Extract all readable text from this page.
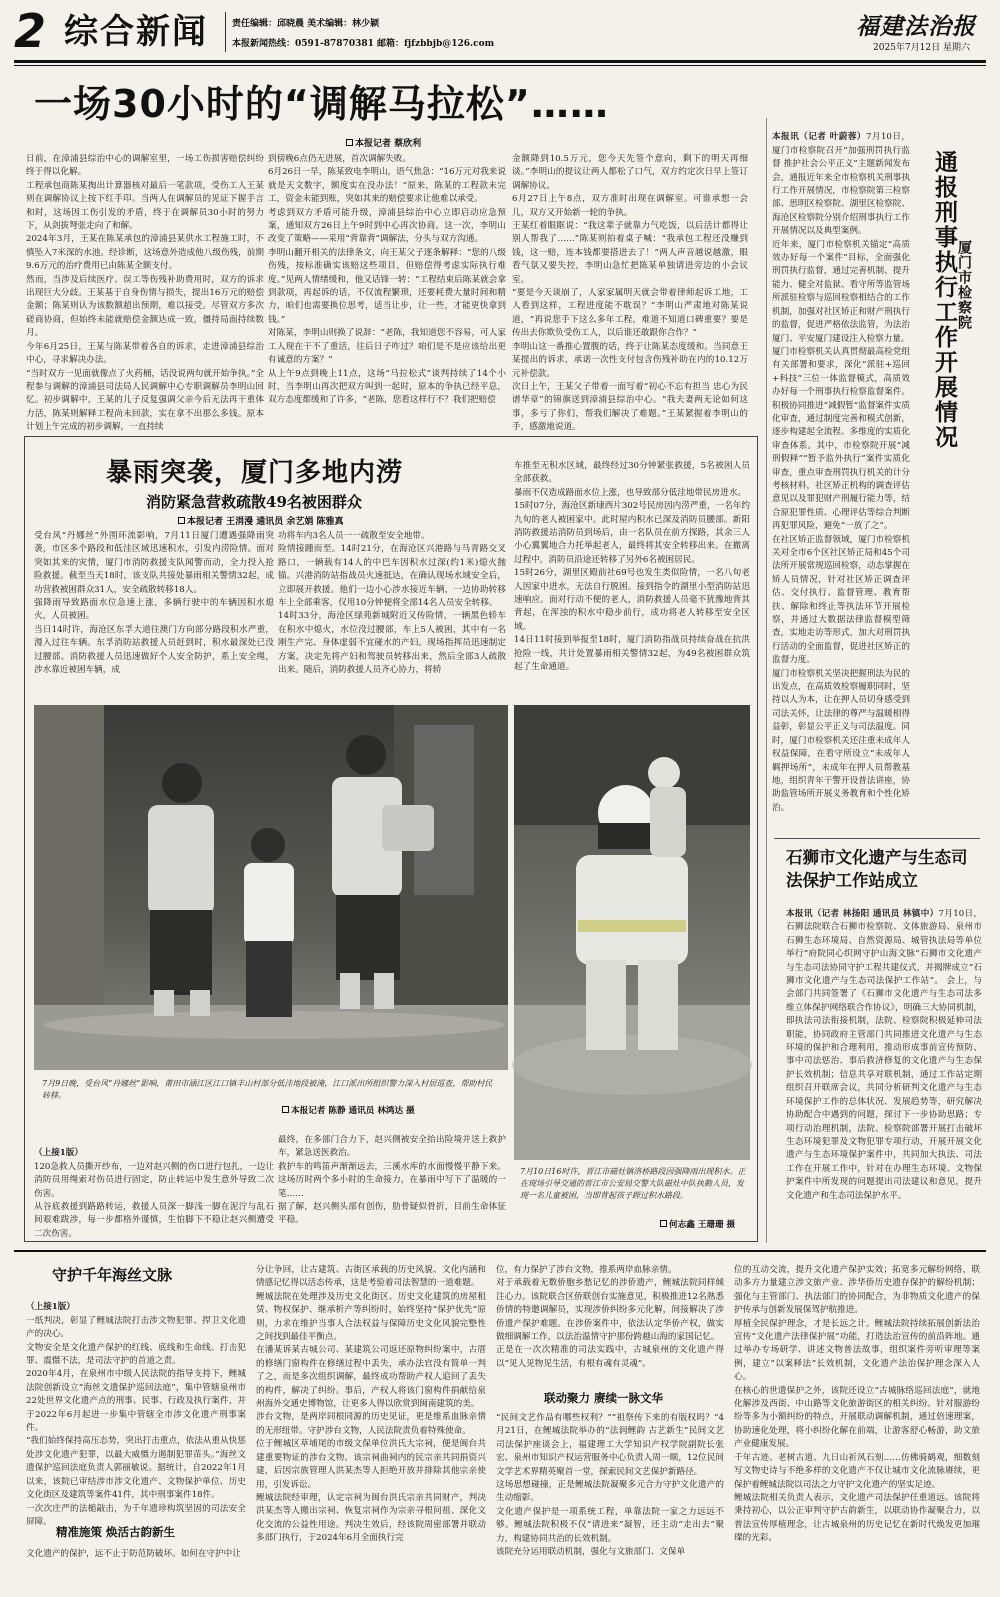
2 综合新闻	责任编辑：邱晓晨 美术编辑：林少颖
本报新闻热线：0591-87870381 邮箱：fjfzbbjb@126.com
福建法治报
2025年7月12日 星期六
一场30小时的“调解马拉松”……
本报记者 蔡欣利
日前，在漳浦县综治中心的调解室里，一场工伤损害赔偿纠纷终于得以化解。
工程承包商陈某掏出计算器核对最后一笔款项，受伤工人王某则在调解协议上按下红手印。当两人在调解员的见证下握手言和时，这场因工伤引发的矛盾，终于在调解员30小时的努力下，从剑拔弩张走向了和解。
2024年3月，王某在陈某承包的漳浦县某供水工程施工时，不慎坠入7米深的水池。经诊断，这场意外造成他八级伤残，前期9.6万元的治疗费用已由陈某全额支付。
然而，当涉及后续医疗、误工等伤残补助费用时，双方的诉求出现巨大分歧。王某基于自身伤情与损失，提出16万元的赔偿金额；陈某则认为该数额超出预期，难以接受。尽管双方多次磋商协商，但始终未能就赔偿金额达成一致，僵持局面持续数月。
今年6月25日，王某与陈某带着各自的诉求，走进漳浦县综治中心，寻求解决办法。
“当时双方一见面就像点了火药桶，话没说两句就开始争执。”全程参与调解的漳浦县司法局人民调解中心专职调解员李明山回忆。初步调解中，王某的儿子反复强调父亲今后无法再干重体力活，陈某则解释工程尚未回款，实在拿不出那么多钱。原本计划上午完成的初步调解，一直持续
到傍晚6点仍无进展，首次调解失败。
6月26日一早，陈某致电李明山，语气焦急：“16万元对我来说就是天文数字，额度实在没办法！”原来，陈某的工程款未完工，资金未能到账，突如其来的赔偿要求让他难以承受。
考虑到双方矛盾可能升级，漳浦县综治中心立即启动应急预案，通知双方26日上午9时到中心再次协商。这一次，李明山改变了策略——采用“背靠背”调解法，分头与双方沟通。
李明山翻开相关的法律条文，向王某父子逐条解释：“您的八级伤残，按标准确实该赔这些项目，但赔偿得考虑实际执行难度。”见两人情绪缓和，他又话锋一转：“工程结束后陈某就会拿到款项，再起诉的话，不仅流程繁琐，还要耗费大量时间和精力，咱们也需要换位思考，适当让步，让一些，才能更快拿到钱。”
对陈某，李明山则换了说辞：“老陈，我知道您不容易，可人家工人现在干不了重活，往后日子咋过？咱们是不是应该给出更有诚意的方案？”
从上午9点到晚上11点，这场“马拉松式”谈判持续了14个小时，当李明山再次把双方叫到一起时，原本的争执已经平息，双方态度都缓和了许多，“老陈，您看这样行不？我们把赔偿
金额降到10.5万元，您今天先签个意向，剩下的明天再细谈。”李明山的提议让两人都松了口气，双方约定次日早上签订调解协议。
6月27日上午8点，双方准时出现在调解室。可谁承想一会儿，双方又开始新一轮的争执。
王某红着眼眶说：“我这辈子就靠力气吃饭，以后活计都得让别人帮我了……”陈某则拍着桌子喊：“我承包工程还没赚到钱，这一赔，连本钱都要搭进去了！”两人声音越说越激，眼看气氛又要失控，李明山急忙把陈某单独请进旁边的小会议室。
“要是今天谈崩了，人家家属明天就会带着律师起诉工地，工人看到这样，工程进度能不耽误？”李明山严肃地对陈某说道，“再说您手下这么多年工程，难道不知道口碑重要？要是传出去你欺负受伤工人，以后谁还敢跟你合作？”
李明山这一番推心置腹的话，终于让陈某态度缓和。当同意王某提出的诉求，承诺一次性支付包含伤残补助在内的10.12万元补偿款。
次日上午，王某父子带着一面写着“初心不忘有担当 忠心为民谱华章”的锦旗送到漳浦县综治中心。“我夫妻两无论如何这事，多亏了你们，帮我们解决了难题。”王某紧握着李明山的手，感激地说道。

本报讯（记者 叶蔚蓉）7月10日，厦门市检察院召开“加强刑罚执行监督 推护社会公平正义”主题新闻发布会，通报近年来全市检察机关刑事执行工作开展情况，市检察院第三检察部、思明区检察院、湖里区检察院、海沧区检察院分别介绍刑事执行工作开展情况以及典型案例。
近年来，厦门市检察机关锚定“高质效办好每一个案件”目标，全面强化刑罚执行监督，通过完善机制、提升能力、健全对监狱、看守所等监管场所派驻检察与巡回检察相结合的工作机制，加强对社区矫正和财产刑执行的监督，促进严格依法监管，为法治厦门、平安厦门建设注入检察力量。
厦门市检察机关认真贯彻最高检党组有关部署和要求，深化“派驻+巡回+科技”三位一体监督模式，高质效办好每一个刑事执行检察监督案件。积极协同推进“减假暂”监督案件实质化审查，通过制度完善和模式创新，逐步构建起全流程、多维度的实质化审查体系。其中，市检察院开展“减刑假释”“暂予监外执行”案件实质化审查，重点审查刑罚执行机关的计分考核材料，社区矫正机构的调查评估意见以及罪犯财产刑履行能力等，结合原犯罪性质、心理评估等综合判断再犯罪风险，避免“一放了之”。
在社区矫正监督领域，厦门市检察机关对全市6个区社区矫正局和45个司法所开展常规巡回检察，动态掌握在矫人员情况，针对社区矫正调查评估、交付执行、监督管理、教育帮扶、解除和终止等执法环节开展检察，并通过大数据法律监督模型筛查，实地走访等形式，加大对刑罚执行活动的全面监督，促进社区矫正的监督力度。
厦门市检察机关坚决把握刑法为民的出发点，在高质效检察履职同时，坚持以人为本，让在押人员切身感受到司法关怀，让法律的尊严与温暖相得益彰，彰显公平正义与司法温度。同时，厦门市检察机关还注重未成年人权益保障，在看守所设立“未成年人羁押场所”，未成年在押人员帮教基地，组织青年干警开设普法讲座，协助监管场所开展义务教育和个性化矫治。

通报刑事执行工作开展情况
厦门市检察院
暴雨突袭，厦门多地内涝
消防紧急营救疏散49名被困群众
本报记者 王涓漫 通讯员 余艺娟 陈雅真
受台风“丹娜丝”外围环流影响，7月11日厦门遭遇强降雨突袭，市区多个路段和低洼区域迅速积水，引发内涝险情。面对突如其来的灾情，厦门市消防救援支队闻警而动，全力投入抢险救援。截至当天18时，该支队共接处暴雨相关警情32起，成功营救被困群众31人，安全疏散转移18人。
强降雨导致路面水位急速上涨，多辆行驶中的车辆因积水熄火，人员被困。
当日14时许，海沧区东孚大道往澳门方向部分路段积水严重，漫入过往车辆。东孚消防站救援人员赶到时，积水最深处已没过腰部。消防救援人员迅速做好个人安全防护，系上安全绳，涉水靠近被困车辆，成
功将车内3名人员一一疏散至安全地带。
险情接踵而至。14时21分，在海沧区兴港路与马青路交叉路口，一辆载有14人的中巴车因积水过深(约1米)熄火抛锚。兴港消防站指战员火速抵达，在确认现场水域安全后，立即展开救援。他们一边小心涉水接近车辆，一边协助转移车上全部乘客，仅用10分钟便将全部14名人员安全转移。
14时33分，海沧区绿苑新城附近又传险情，一辆黑色轿车在积水中熄火，水位没过腰部，车上5人被困，其中有一名刚生产完、身体虚弱不宜碰水的产妇。现场指挥员迅速制定方案，决定先将产妇和驾驶员转移出来，然后全部3人疏散出来。随后，消防救援人员齐心协力，将轿
车推至无积水区域，最终经过30分钟紧张救援，5名被困人员全部获救。
暴雨不仅造成路面水位上涨，也导致部分低洼地带民房进水。
15时07分，海沧区新埭西片302号民房因内涝严重，一名年约九旬的老人被困家中。此时屋内积水已深及消防员腰部。新阳消防救援站消防员到场后，由一名队员在前方探路，其余三人小心翼翼地合力托举起老人，最终将其安全转移出来。在撤离过程中，消防员沿途还转移了另外6名被困居民。
15时26分，湖里区殿前社69号也发生类似险情，一名八旬老人因家中进水，无法自行脱困。接到指令的湖里小型消防站迅速响应。面对行动不便的老人，消防救援人员毫不犹豫地背其背起，在浑浊的积水中稳步前行，成功将老人转移至安全区域。
14日11时接到举报至18时，厦门消防指战员持续奋战在抗洪抢险一线，共计处置暴雨相关警情32起，为49名被困群众筑起了生命通道。
7月9日晚，受台风“丹娜丝”影响，莆田市涵江区江口镇丰山村部分低洼地段被淹，江口派出所组织警力深入村居巡查，帮助村民转移。
本报记者 陈静 通讯员 林鸿达 摄
7月10日16时许，晋江市磁灶镇洛桥路段因强降雨出现积水。正在现场引导交通的晋江市公安局交警大队磁灶中队执勤人员，发现一名儿童被困，当即背起孩子蹚过积水路段。
何志鑫 王珊珊 摄

（上接1版）
120急救人员撕开纱布，一边对赵兴侧的伤口进行包扎，一边让消防员用绳索对伤员进行固定，防止转运中发生意外导致二次伤害。
从谷底救援到路路转运，救援人员深一脚浅一脚在泥泞与乱石间艰难跋涉，每一步都格外谨慎，生怕脚下不稳让赵兴侧遭受二次伤害。

最终，在多部门合力下，赵兴侧被安全抬出险境并送上救护车，紧急送医救治。
救护车的鸣笛声渐渐远去，三溪水库的水面慢慢平静下来。这场历时两个多小时的生命接力，在暴雨中写下了温暖的一笔……
据了解，赵兴侧头部有创伤，肋骨疑似骨折，目前生命体征平稳。
石狮市文化遗产与生态司法保护工作站成立
本报讯（记者 林扬阳 通讯员 林镇中）7月10日，石狮法院联合石狮市检察院、文体旅游局、泉州市石狮生态环境局、自然资源局、城管执法局等单位举行“府院同心织网守护山海文脉”石狮市文化遗产与生态司法协同守护工程共建仪式，并揭牌成立“石狮市文化遗产与生态司法保护工作站”。 会上，与会部门共同签署了《石狮市文化遗产与生态司法多维立体保护网络联合作协议》，明确三大协同机制，即执法司法衔接机制，法院、检察院积极延伸司法职能，协同政府主管部门共同推进文化遗产与生态环境的保护和合理利用，推动形成事前宣传预防、事中司法惩治、事后救济修复的文化遗产与生态保护长效机制；信息共享对联机制，通过工作站定期组织召开联席会议，共同分析研判文化遗产与生态环境保护工作的总体状况、发展趋势等，研究解决协助配合中遇到的问题，探讨下一步协助思路；专项行动治理机制，法院、检察院部署开展打击破坏生态环境犯罪及文物犯罪专项行动，开展开展文化遗产与生态环境保护案件中，共同加大执法、司法工作在开展工作中，针对在办理生态环境、文物保护案件中所发现的问题提出司法建议和意见，提升文化遗产和生态司法保护水平。
守护千年海丝文脉

（上接1版）
一纸判决，彰显了鲤城法院打击涉文物犯罪、捍卫文化遗产的决心。
文物安全是文化遗产保护的红线、底线和生命线。打击犯罪、震慑不法，是司法守护的首道之责。
2020年4月，在泉州市中级人民法院的指导支持下，鲤城法院创新设立“海丝文遗保护巡回法庭”，集中管辖泉州市22处世界文化遗产点的刑事、民事、行政及执行案件，并于2022年6月起进一步集中管辖全市涉文化遗产刑事案件。
“我们始终保持高压态势，突出打击重点，依法从重从快惩处涉文化遗产犯罪，以最大威慑力遏制犯罪苗头。”海丝文遗保护巡回法庭负责人郭丽敏说。据统计，自2022年1月以来，该院已审结涉市涉文化遗产、文物保护单位、历史文化街区及建筑等案件41件，其中刑事案件18件。
一次次庄严的法槌敲击，为千年遗珍构筑坚固的司法安全屏障。

精准施策 焕活古韵新生
文化遗产的保护，远不止于防范防破坏。如何在守护中让
分让争回，让古建筑、古街区承载的历史风貌、文化内涵和情感记忆得以活态传承，这是考验着司法智慧的一道难题。
鲤城法院在处理涉及历史文化街区、历史文化建筑的房屋租赁、物权保护、继承析产等纠纷时，始终坚持“保护优先”原则，力求在维护当事人合法权益与保障历史文化风貌完整性之间找到最佳平衡点。
在潘某诉某古城公司、某建筑公司返还原物纠纷案中，古厝的修缮门窗构件在修缮过程中丢失，承办法官没有简单一判了之，而是多次组织调解，最终成功帮助产权人追回了丢失的构件，解决了纠纷。事后，产权人将该门窗构件捐献给泉州海外交通史博物馆，让更多人得以欣赏到闽南建筑的美。
涉台文物，是两岸同根同源的历史见证，更是维系血脉亲情的无形纽带。守护涉台文物，人民法院责负着特殊使命。
位于鲤城区草埔尾的市级文保单位洪氏大宗祠，便是闽台共建重要物证的涉台文物。该宗祠曲祠内的民宗亲共同捐资兴建，后因宗族管理人洪某杰等人拒绝开放并排除其他宗亲使用，引发诉讼。
鲤城法院经审理，认定宗祠为闽台洪氏宗亲共同财产，判决洪某杰等人搬出宗祠、恢复宗祠作为宗亲寻根问祖、深化文化交流的公益性用途。判决生效后，经该院周密部署并联动多部门执行，于2024年6月全面执行完
位，有力保护了涉台文物，推系两岸血脉亲情。
对于承载着无数侨胞乡愁记忆的涉侨遗产，鲤城法院同样倾注心力。该院联合区侨联创台实施意见，积极推进12名熟悉侨情的特邀调解员，实现涉侨纠纷多元化解，间接解决了涉侨遗产保护难题。在涉侨案件中，依法认定华侨产权，做实做细调解工作，以法治温情守护那份跨越山海的家国记忆。
正是在一次次精准的司法实践中，古城泉州的文化遗产得以“见人见物见生活，有根有魂有灵魂”。
联动聚力 赓续一脉文华
“民间文艺作品有哪些权利？”“祖祭传下来的有版权吗？”4月21日，在鲤城法院举办的“法润鲤韵 古艺新生”民间文艺司法保护座谈会上，福建理工大学知识产权学院副院长张宏、泉州市知识产权运营服务中心负责人周一顺，12位民间文学艺术界精英聚首一堂，探索民间文艺保护新路径。
这场思想碰撞，正是鲤城法院凝聚多元合力守护文化遗产的生动缩影。
文化遗产保护是一项系统工程，单靠法院一家之力远远不够。鲤城法院积极不仅“请进来”凝智，还主动“走出去”聚力，构建协同共治的长效机制。
该院充分运用联动机制，强化与文旅部门、文保单
位的互动交流，提升文化遗产保护实效；拓宽多元解纷网络，联动多方力量建立涉文旅产业、涉华侨历史遗存保护的解纷机制；强化与主管部门、执法部门的协同配合，为非物质文化遗产的保护传承与创新发展保驾护航推进。
厚植全民保护理念，才是长远之计。鲤城法院持续拓展创新法治宣传“文化遗产法律保护展”功能，打造法治宣传的前沿阵地。通过举办专场研学、讲述文物普法故事，组织案件旁听审理等案例，建立“以案释法”长效机制，文化遗产法治保护理念深入人心。
在核心的世遗保护之外，该院还设立“古城脉络巡回法庭”，就地化解涉及西街、中山路等文化旅游街区的相关纠纷。针对服游纷纷等多为小额纠纷的特点，开展联动调解机制，通过倍速理案，协助速化处理，将小纠纷化解在前端，让游客舒心畅游，助文旅产业健康发展。
千年古迹、老树古道、九日山祈风石刻……仿佛骑鹤观，细数刻写文物史诗与不绝多样的文化遗产不仅让城市文化流脉赓续，更保护着鲤城法院以司法之力守护文化遗产的坚实足迹。
鲤城法院相关负责人表示，文化遗产司法保护任重道远。该院将秉持初心，以公正审判守护古韵新生，以联动协作凝聚合力，以普法宣传厚植理念，让古城泉州的历史记忆在新时代焕发更加璀璨的光彩。
